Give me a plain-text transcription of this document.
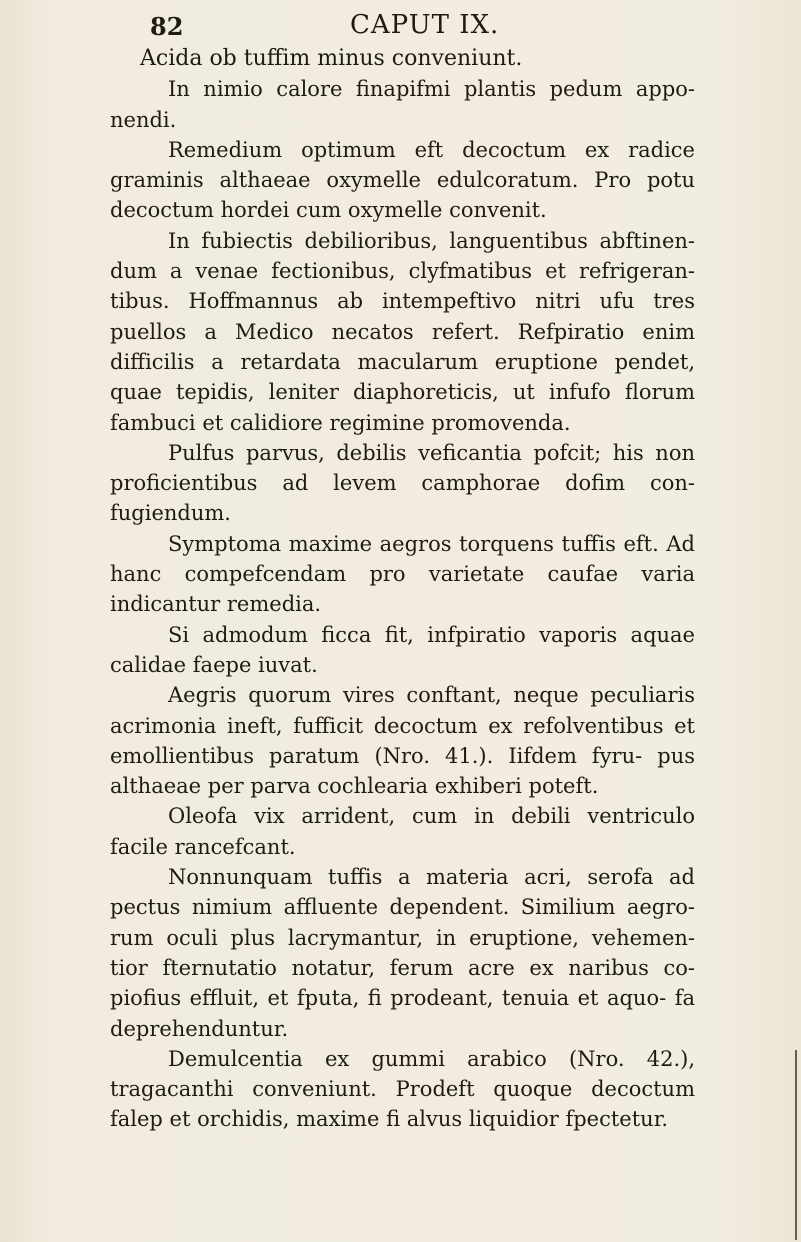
82	CAPUT IX.

Acida ob tuffim minus conveniunt.

In nimio calore finapifmi plantis pedum appo- nendi.

Remedium optimum eft decoctum ex radice graminis althaeae oxymelle edulcoratum. Pro potu decoctum hordei cum oxymelle convenit.

In fubiectis debilioribus, languentibus abftinen- dum a venae fectionibus, clyfmatibus et refrigeran- tibus. Hoffmannus ab intempeftivo nitri ufu tres puellos a Medico necatos refert. Refpiratio enim difficilis a retardata macularum eruptione pendet, quae tepidis, leniter diaphoreticis, ut infufo florum fambuci et calidiore regimine promovenda.

Pulfus parvus, debilis veficantia pofcit; his non proficientibus ad levem camphorae dofim con- fugiendum.

Symptoma maxime aegros torquens tuffis eft. Ad hanc compefcendam pro varietate caufae varia indicantur remedia.

Si admodum ficca fit, infpiratio vaporis aquae calidae faepe iuvat.

Aegris quorum vires conftant, neque peculiaris acrimonia ineft, fufficit decoctum ex refolventibus et emollientibus paratum (Nro. 41.). Iifdem fyru- pus althaeae per parva cochlearia exhiberi poteft.

Oleofa vix arrident, cum in debili ventriculo facile rancefcant.

Nonnunquam tuffis a materia acri, serofa ad pectus nimium affluente dependent. Similium aegro- rum oculi plus lacrymantur, in eruptione, vehemen- tior fternutatio notatur, ferum acre ex naribus co- piofius effluit, et fputa, fi prodeant, tenuia et aquo- fa deprehenduntur.

Demulcentia ex gummi arabico (Nro. 42.), tragacanthi conveniunt. Prodeft quoque decoctum falep et orchidis, maxime fi alvus liquidior fpectetur.
